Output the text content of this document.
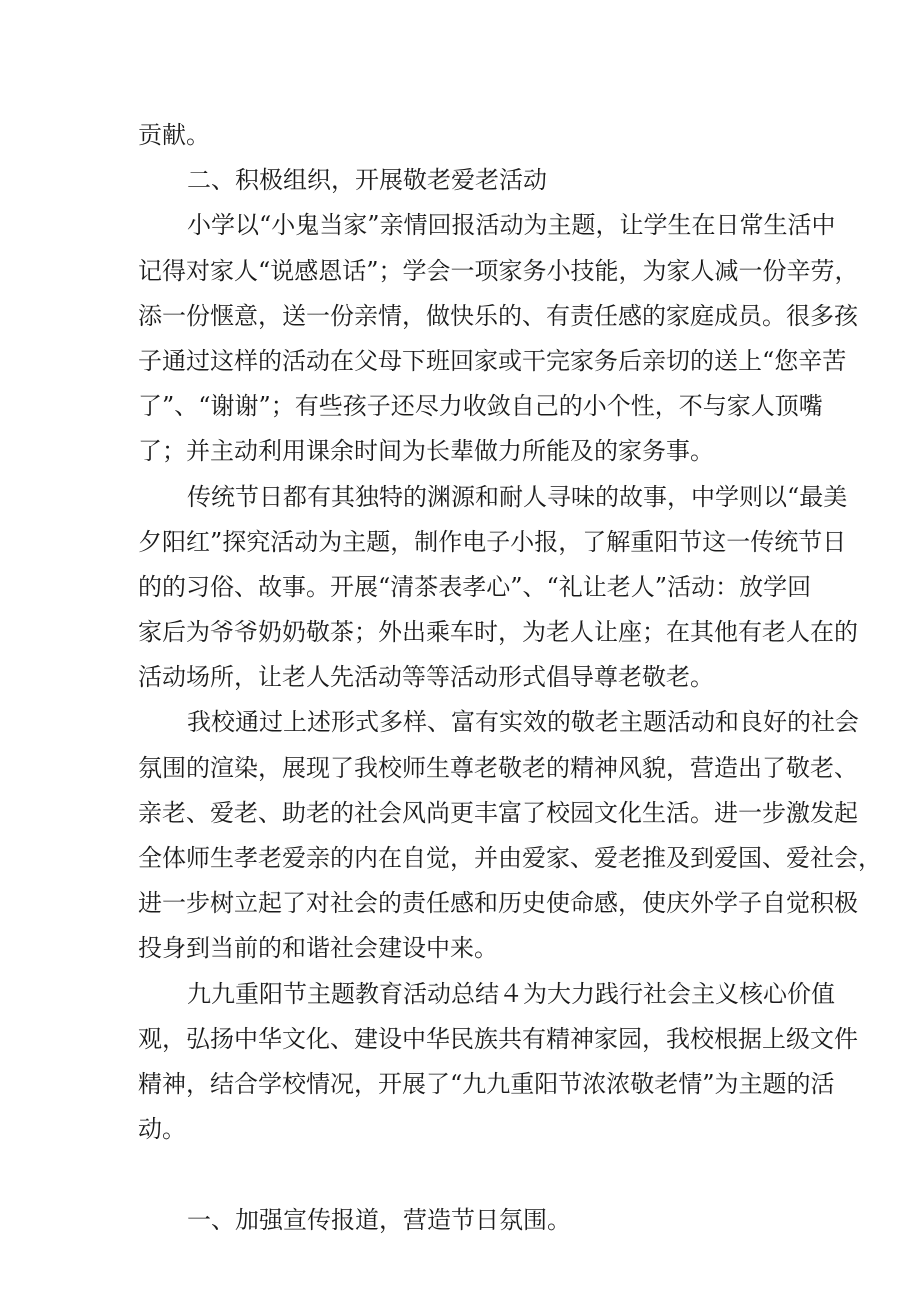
贡献。
二、积极组织，开展敬老爱老活动
小学以“小鬼当家”亲情回报活动为主题，让学生在日常生活中
记得对家人“说感恩话”；学会一项家务小技能，为家人减一份辛劳，
添一份惬意，送一份亲情，做快乐的、有责任感的家庭成员。很多孩
子通过这样的活动在父母下班回家或干完家务后亲切的送上“您辛苦
了”、“谢谢”；有些孩子还尽力收敛自己的小个性，不与家人顶嘴
了；并主动利用课余时间为长辈做力所能及的家务事。
传统节日都有其独特的渊源和耐人寻味的故事，中学则以“最美
夕阳红”探究活动为主题，制作电子小报，了解重阳节这一传统节日
的的习俗、故事。开展“清茶表孝心”、“礼让老人”活动：放学回
家后为爷爷奶奶敬茶；外出乘车时，为老人让座；在其他有老人在的
活动场所，让老人先活动等等活动形式倡导尊老敬老。
我校通过上述形式多样、富有实效的敬老主题活动和良好的社会
氛围的渲染，展现了我校师生尊老敬老的精神风貌，营造出了敬老、
亲老、爱老、助老的社会风尚更丰富了校园文化生活。进一步激发起
全体师生孝老爱亲的内在自觉，并由爱家、爱老推及到爱国、爱社会，
进一步树立起了对社会的责任感和历史使命感，使庆外学子自觉积极
投身到当前的和谐社会建设中来。
九九重阳节主题教育活动总结４为大力践行社会主义核心价值
观，弘扬中华文化、建设中华民族共有精神家园，我校根据上级文件
精神，结合学校情况，开展了“九九重阳节浓浓敬老情”为主题的活
动。
一、加强宣传报道，营造节日氛围。
